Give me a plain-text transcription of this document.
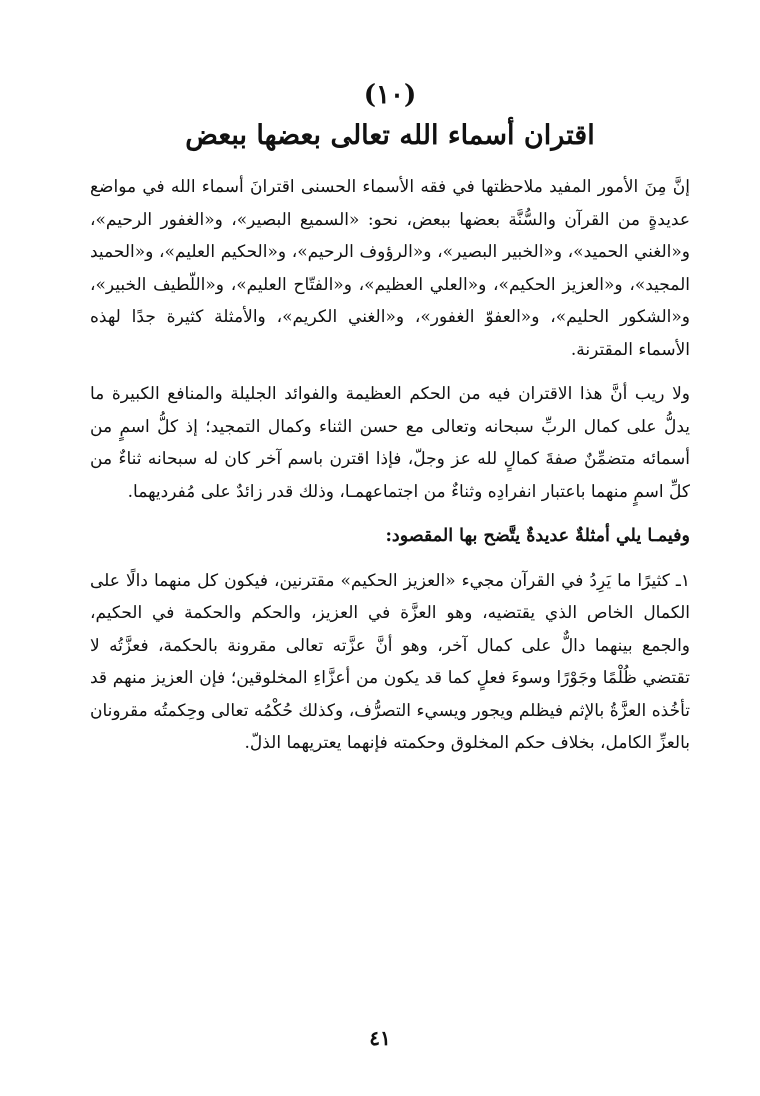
(١٠)
اقتران أسماء الله تعالى بعضها ببعض

إنَّ مِنَ الأمور المفيد ملاحظتها في فقه الأسماء الحسنى اقترانَ أسماء الله في مواضع عديدةٍ من القرآن والسُّنَّة بعضها ببعض، نحو: «السميع البصير»، و«الغفور الرحيم»، و«الغني الحميد»، و«الخبير البصير»، و«الرؤوف الرحيم»، و«الحكيم العليم»، و«الحميد المجيد»، و«العزيز الحكيم»، و«العلي العظيم»، و«الفتّاح العليم»، و«اللّطيف الخبير»، و«الشكور الحليم»، و«العفوّ الغفور»، و«الغني الكريم»، والأمثلة كثيرة جدًا لهذه الأسماء المقترنة.

ولا ريب أنَّ هذا الاقتران فيه من الحكم العظيمة والفوائد الجليلة والمنافع الكبيرة ما يدلُّ على كمال الربِّ سبحانه وتعالى مع حسن الثناء وكمال التمجيد؛ إذ كلُّ اسمٍ من أسمائه متضمِّنٌ صفةَ كمالٍ لله عز وجلّ، فإذا اقترن باسم آخر كان له سبحانه ثناءٌ من كلِّ اسمٍ منهما باعتبار انفرادِه وثناءٌ من اجتماعهمـا، وذلك قدر زائدٌ على مُفرديهما.

وفيمـا يلي أمثلةٌ عديدةٌ يتَّضح بها المقصود:

١ـ كثيرًا ما يَرِدُ في القرآن مجيء «العزيز الحكيم» مقترنين، فيكون كل منهما دالًا على الكمال الخاص الذي يقتضيه، وهو العزَّة في العزيز، والحكم والحكمة في الحكيم، والجمع بينهما دالٌّ على كمال آخر، وهو أنَّ عزَّته تعالى مقرونة بالحكمة، فعزَّتُه لا تقتضي ظُلْمًا وجَوْرًا وسوءَ فعلٍ كما قد يكون من أعزَّاءِ المخلوقين؛ فإن العزيز منهم قد تأخُذه العزَّةُ بالإثم فيظلم ويجور ويسيء التصرُّف، وكذلك حُكْمُه تعالى وحِكمتُه مقرونان بالعزِّ الكامل، بخلاف حكم المخلوق وحكمته فإنهما يعتريهما الذلّ.

٤١
